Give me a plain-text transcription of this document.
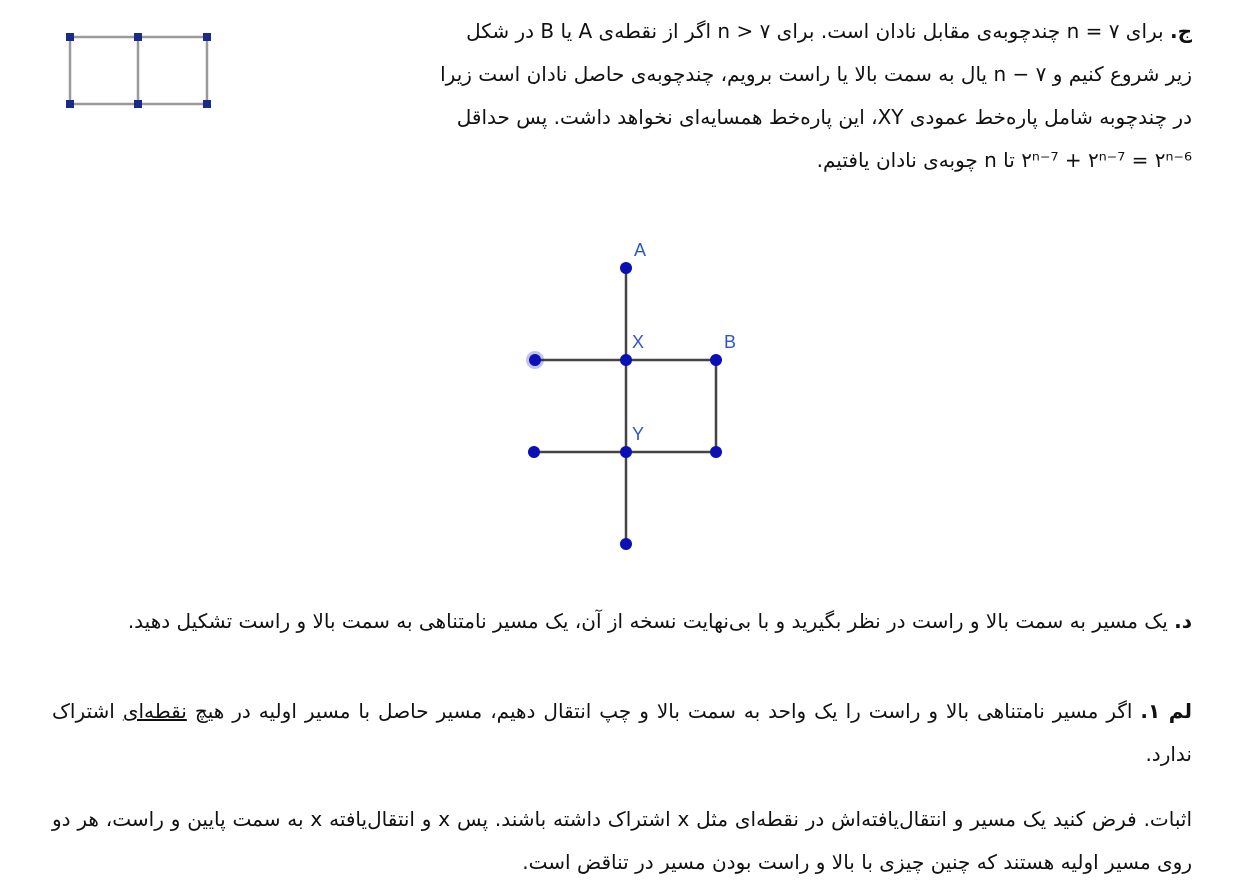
ج. برای n = ۷ چندچوبه‌ی مقابل نادان است. برای n > ۷ اگر از نقطه‌ی A یا B در شکل
زیر شروع کنیم و n − ۷ یال به سمت بالا یا راست برویم، چندچوبه‌ی حاصل نادان است زیرا
در چندچوبه شامل پاره‌خط عمودی XY، این پاره‌خط همسایه‌ای نخواهد داشت. پس حداقل
۲ⁿ⁻⁷ + ۲ⁿ⁻⁷ = ۲ⁿ⁻⁶ تا n چوبه‌ی نادان یافتیم.
A
X	B
Y
د. یک مسیر به سمت بالا و راست در نظر بگیرید و با بی‌نهایت نسخه از آن، یک مسیر نامتناهی به سمت بالا و راست تشکیل دهید.
لم ۱. اگر مسیر نامتناهی بالا و راست را یک واحد به سمت بالا و چپ انتقال دهیم، مسیر حاصل با مسیر اولیه در هیچ نقطه‌ای اشتراک ندارد.
اثبات. فرض کنید یک مسیر و انتقال‌یافته‌اش در نقطه‌ای مثل x اشتراک داشته باشند. پس x و انتقال‌یافته x به سمت پایین و راست، هر دو روی مسیر اولیه هستند که چنین چیزی با بالا و راست بودن مسیر در تناقض است.
